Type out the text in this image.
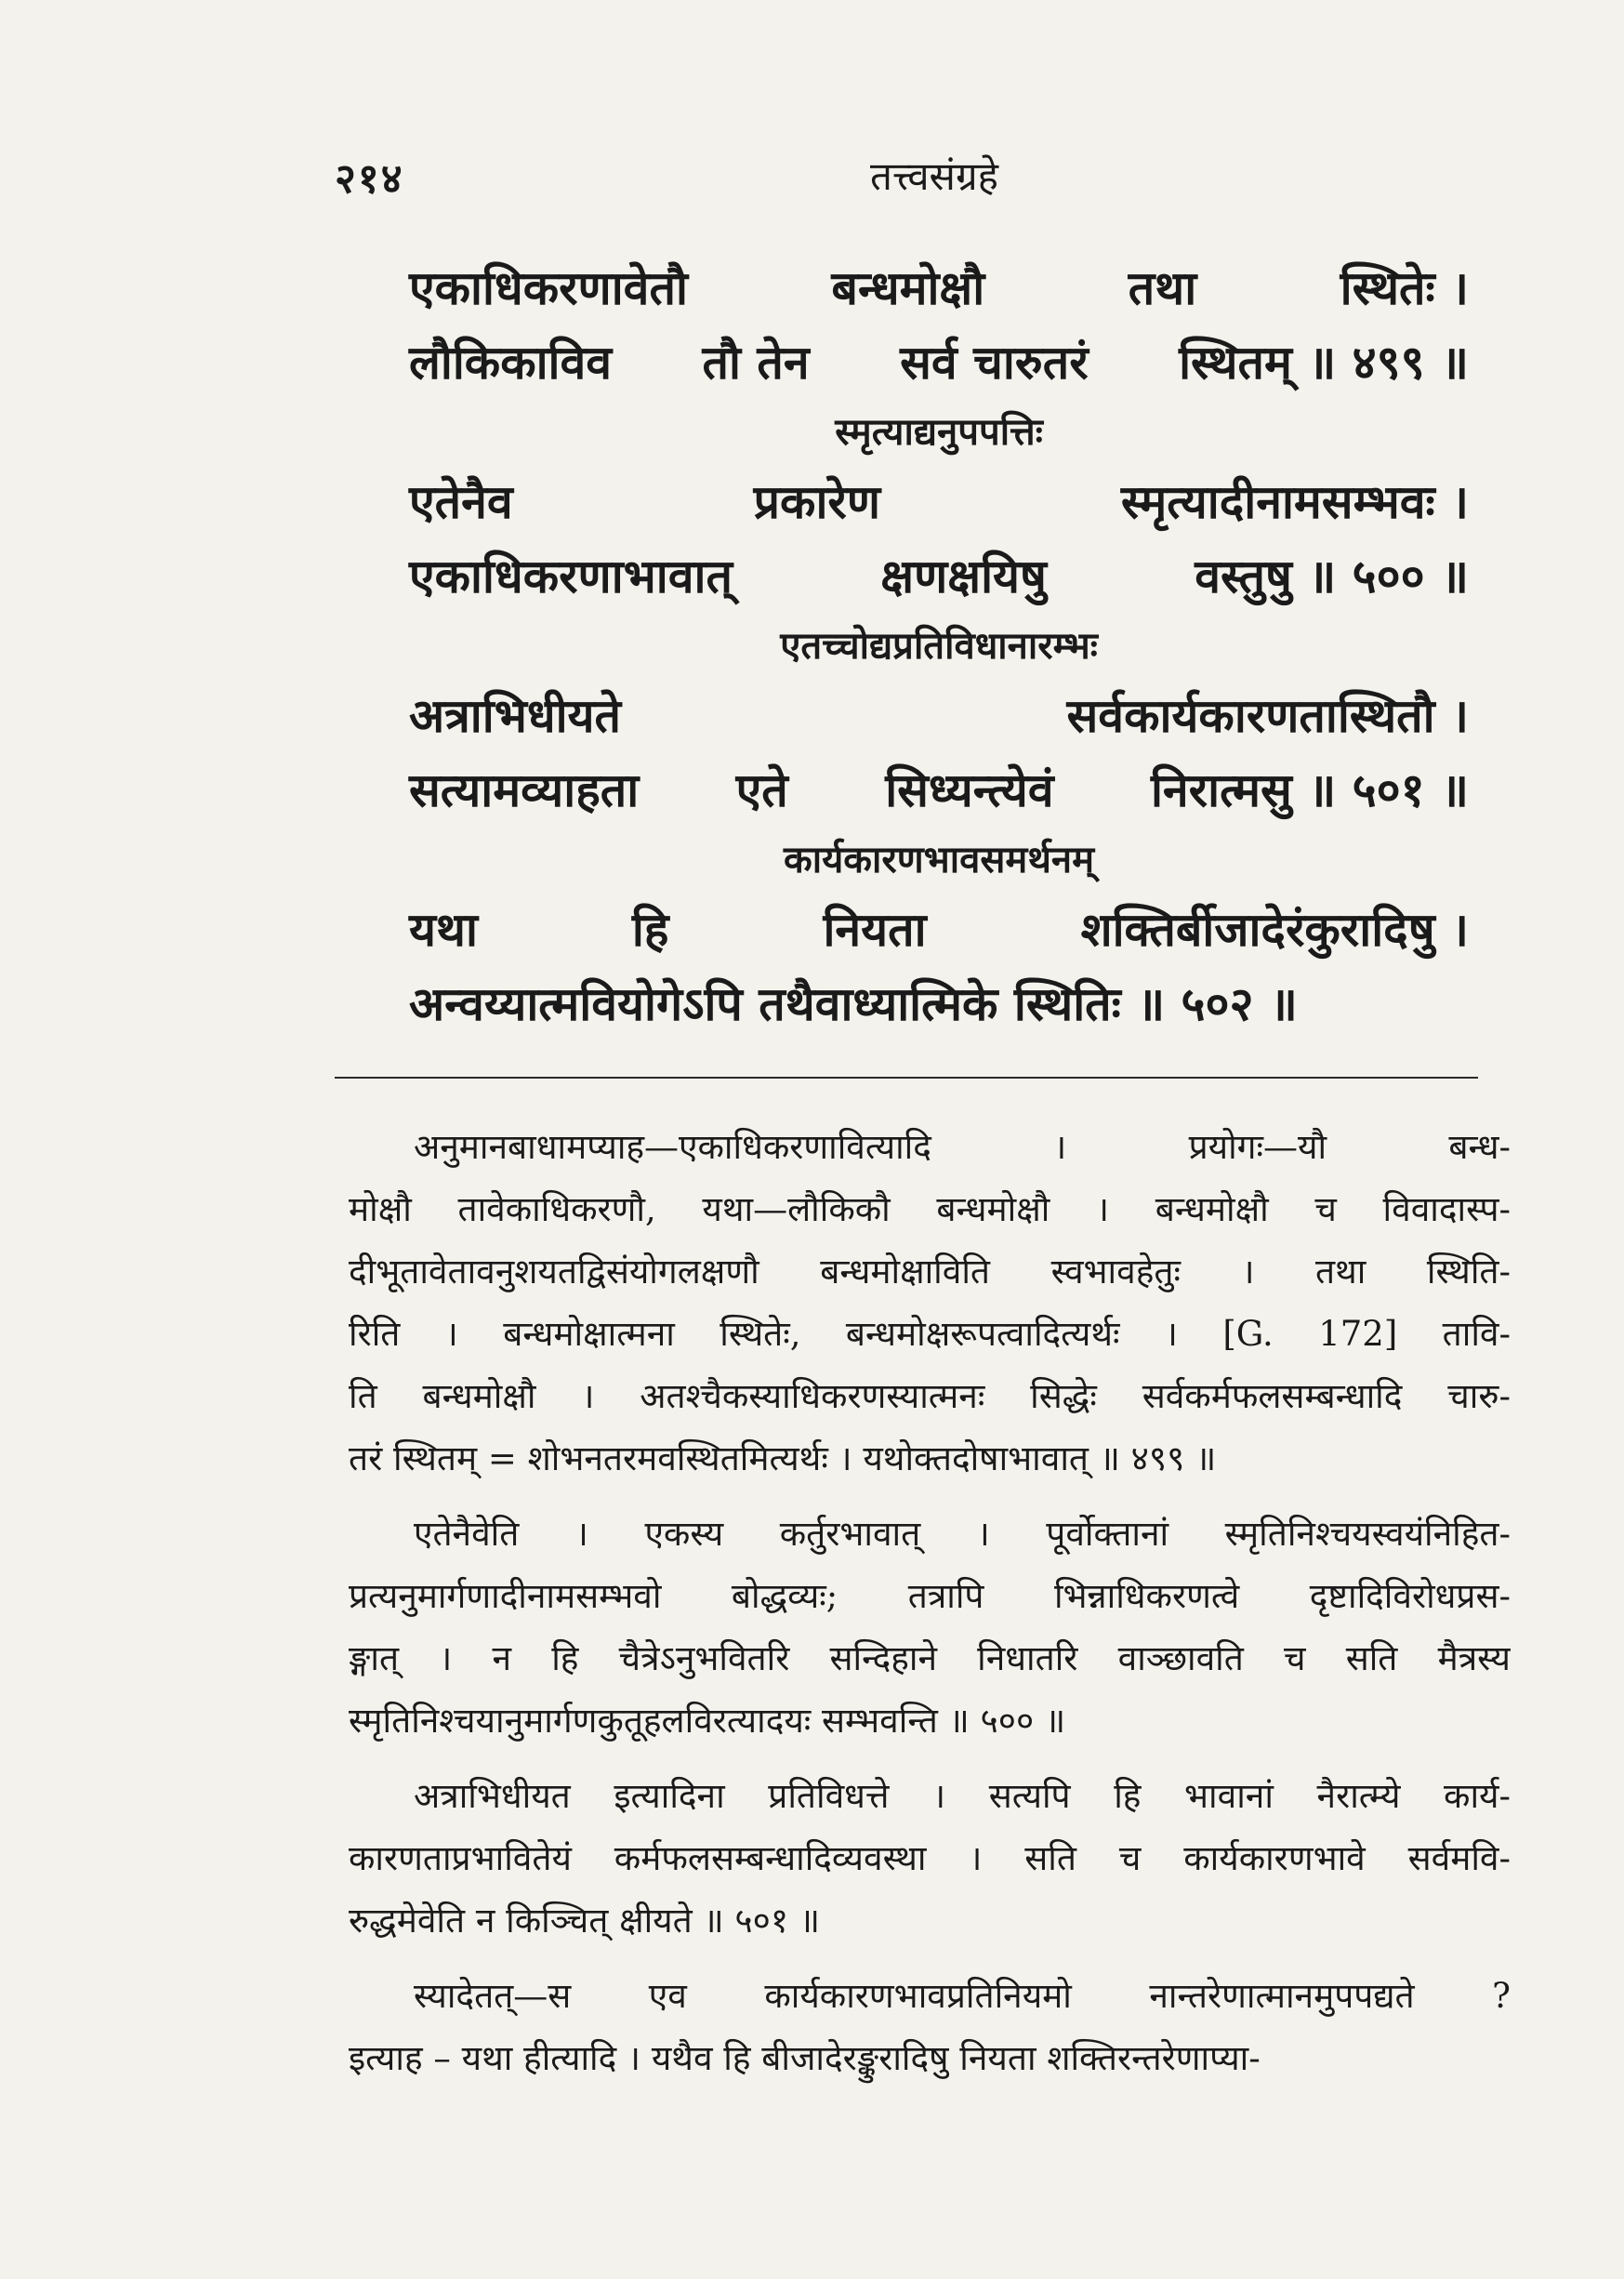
२१४	तत्त्वसंग्रहे
एकाधिकरणावेतौ	बन्धमोक्षौ	तथा	स्थितेः ।
लौकिकाविव तौ तेन सर्व चारुतरं स्थितम् ॥ ४९९ ॥
स्मृत्याद्यनुपपत्तिः
एतेनैव	प्रकारेण	स्मृत्यादीनामसम्भवः ।
एकाधिकरणाभावात्	क्षणक्षयिषु	वस्तुषु ॥ ५०० ॥
एतच्चोद्यप्रतिविधानारम्भः
अत्राभिधीयते	सर्वकार्यकारणतास्थितौ ।
सत्यामव्याहता एते सिध्यन्त्येवं निरात्मसु ॥ ५०१ ॥
कार्यकारणभावसमर्थनम्
यथा	हि	नियता	शक्तिर्बीजादेरंकुरादिषु ।
अन्वय्यात्मवियोगेऽपि तथैवाध्यात्मिके स्थितिः ॥ ५०२ ॥
अनुमानबाधामप्याह—एकाधिकरणावित्यादि । प्रयोगः—यौ बन्ध-
मोक्षौ तावेकाधिकरणौ, यथा—लौकिकौ बन्धमोक्षौ । बन्धमोक्षौ च विवादास्प-
दीभूतावेतावनुशयतद्विसंयोगलक्षणौ बन्धमोक्षाविति स्वभावहेतुः । तथा स्थिति-
रिति । बन्धमोक्षात्मना स्थितेः, बन्धमोक्षरूपत्वादित्यर्थः । [G. 172] तावि-
ति बन्धमोक्षौ । अतश्चैकस्याधिकरणस्यात्मनः सिद्धेः सर्वकर्मफलसम्बन्धादि चारु-
तरं स्थितम् = शोभनतरमवस्थितमित्यर्थः । यथोक्तदोषाभावात् ॥ ४९९ ॥
एतेनैवेति । एकस्य कर्तुरभावात् । पूर्वोक्तानां स्मृतिनिश्चयस्वयंनिहित-
प्रत्यनुमार्गणादीनामसम्भवो बोद्धव्यः; तत्रापि भिन्नाधिकरणत्वे दृष्टादिविरोधप्रस-
ङ्गात् । न हि चैत्रेऽनुभवितरि सन्दिहाने निधातरि वाञ्छावति च सति मैत्रस्य
स्मृतिनिश्चयानुमार्गणकुतूहलविरत्यादयः सम्भवन्ति ॥ ५०० ॥
अत्राभिधीयत इत्यादिना प्रतिविधत्ते । सत्यपि हि भावानां नैरात्म्ये कार्य-
कारणताप्रभावितेयं कर्मफलसम्बन्धादिव्यवस्था । सति च कार्यकारणभावे सर्वमवि-
रुद्धमेवेति न किञ्चित् क्षीयते ॥ ५०१ ॥
स्यादेतत्—स एव कार्यकारणभावप्रतिनियमो नान्तरेणात्मानमुपपद्यते ?
इत्याह – यथा हीत्यादि । यथैव हि बीजादेरङ्कुरादिषु नियता शक्तिरन्तरेणाप्या-
